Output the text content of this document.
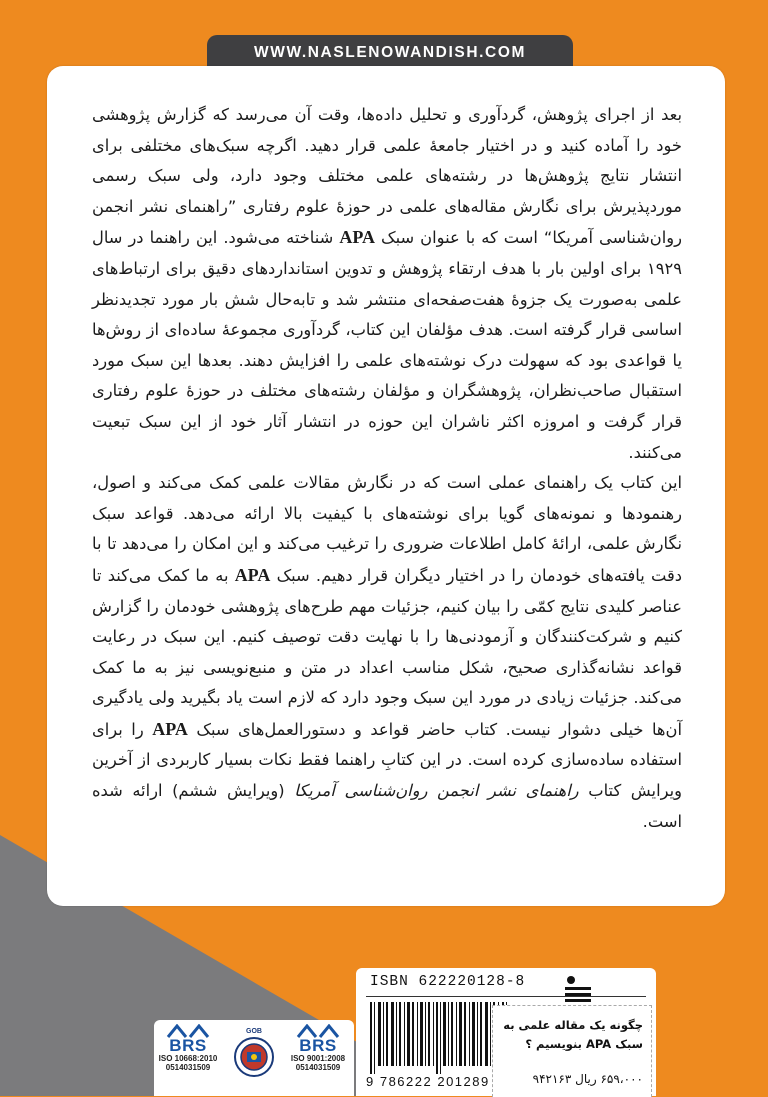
WWW.NASLENOWANDISH.COM

بعد از اجرای پژوهش، گردآوری و تحلیل داده‌ها، وقت آن می‌رسد که گزارش پژوهشی خود را آماده کنید و در اختیار جامعهٔ علمی قرار دهید. اگرچه سبک‌های مختلفی برای انتشار نتایج پژوهش‌ها در رشته‌های علمی مختلف وجود دارد، ولی سبک رسمی موردپذیرش برای نگارش مقاله‌های علمی در حوزهٔ علوم رفتاری ”راهنمای نشر انجمن روان‌شناسی آمریکا“ است که با عنوان سبک APA شناخته می‌شود. این راهنما در سال ۱۹۲۹ برای اولین بار با هدف ارتقاء پژوهش و تدوین استانداردهای دقیق برای ارتباط‌های علمی به‌صورت یک جزوهٔ هفت‌صفحه‌ای منتشر شد و تابه‌حال شش بار مورد تجدیدنظر اساسی قرار گرفته است. هدف مؤلفان این کتاب، گردآوری مجموعهٔ ساده‌ای از روش‌ها یا قواعدی بود که سهولت درک نوشته‌های علمی را افزایش دهند. بعدها این سبک مورد استقبال صاحب‌نظران، پژوهشگران و مؤلفان رشته‌های مختلف در حوزهٔ علوم رفتاری قرار گرفت و امروزه اکثر ناشران این حوزه در انتشار آثار خود از این سبک تبعیت می‌کنند.

این کتاب یک راهنمای عملی است که در نگارش مقالات علمی کمک می‌کند و اصول، رهنمودها و نمونه‌های گویا برای نوشته‌های با کیفیت بالا ارائه می‌دهد. قواعد سبک نگارش علمی، ارائهٔ کامل اطلاعات ضروری را ترغیب می‌کند و این امکان را می‌دهد تا با دقت یافته‌های خودمان را در اختیار دیگران قرار دهیم. سبک APA به ما کمک می‌کند تا عناصر کلیدی نتایج کمّی را بیان کنیم، جزئیات مهم طرح‌های پژوهشی خودمان را گزارش کنیم و شرکت‌کنندگان و آزمودنی‌ها را با نهایت دقت توصیف کنیم. این سبک در رعایت قواعد نشانه‌گذاری صحیح، شکل مناسب اعداد در متن و منبع‌نویسی نیز به ما کمک می‌کند. جزئیات زیادی در مورد این سبک وجود دارد که لازم است یاد بگیرید ولی یادگیری آن‌ها خیلی دشوار نیست. کتاب حاضر قواعد و دستورالعمل‌های سبک APA را برای استفاده ساده‌سازی کرده است. در این کتابِ راهنما فقط نکات بسیار کاربردی از آخرین ویرایش کتاب راهنمای نشر انجمن روان‌شناسی آمریکا (ویرایش ششم) ارائه شده است.

BRS
ISO 10668:2010
0514031509
GOB
BRS
ISO 9001:2008
0514031509
ISBN 622220128-8
9 786222 201289
چگونه یک مقاله علمی به
سبک APA بنویسیم ؟
۶۵۹،۰۰۰ ریال ۹۴۲۱۶۳
